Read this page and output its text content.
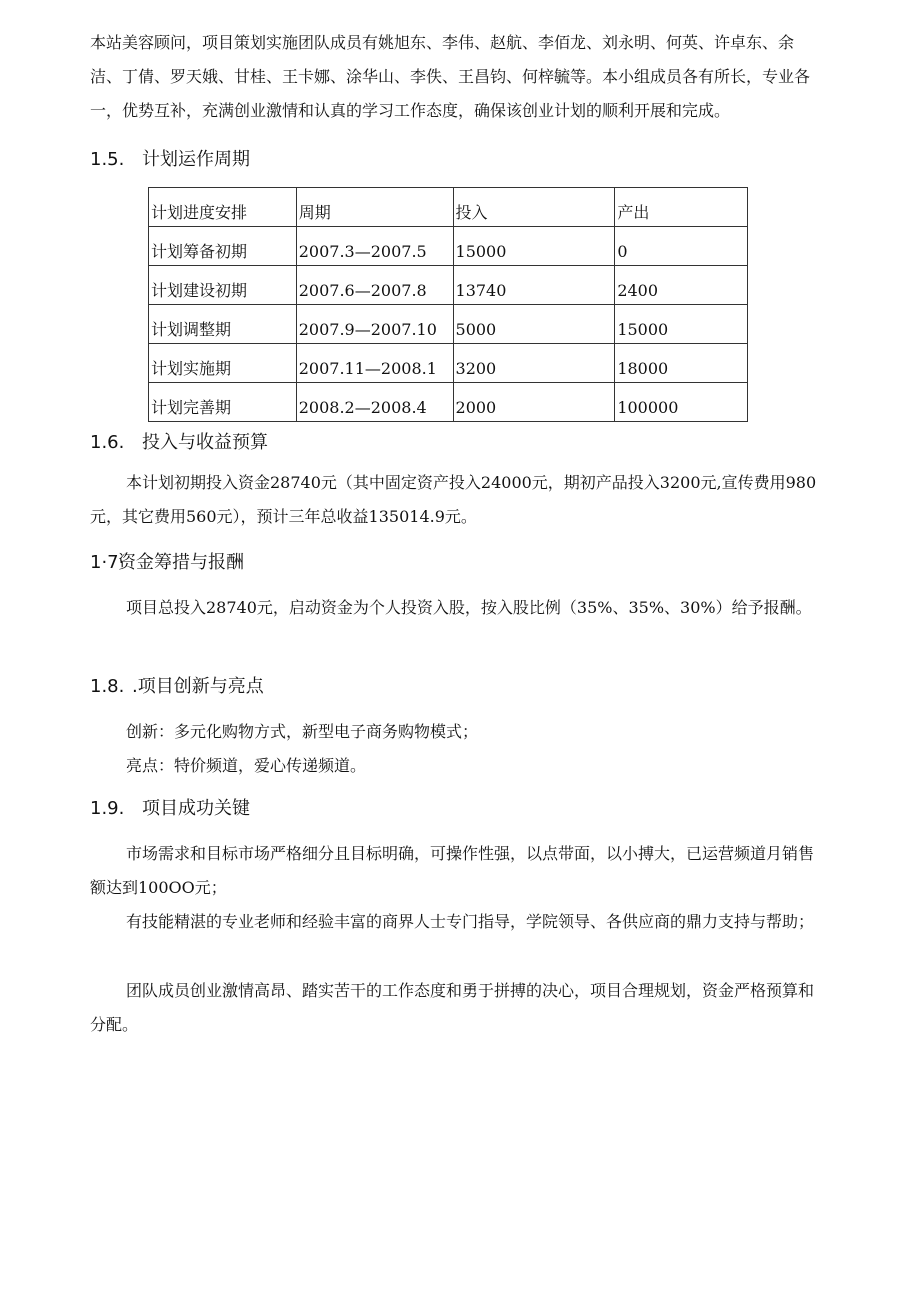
本站美容顾问，项目策划实施团队成员有姚旭东、李伟、赵航、李佰龙、刘永明、何英、许卓东、余洁、丁倩、罗天娥、甘桂、王卡娜、涂华山、李佚、王昌钧、何梓毓等。本小组成员各有所长，专业各一，优势互补，充满创业激情和认真的学习工作态度，确保该创业计划的顺利开展和完成。

1.5. 计划运作周期
计划进度安排	周期	投入	产出
计划筹备初期	2007.3—2007.5	15000	0
计划建设初期	2007.6—2007.8	13740	2400
计划调整期	2007.9—2007.10	5000	15000
计划实施期	2007.11—2008.1	3200	18000
计划完善期	2008.2—2008.4	2000	100000
1.6. 投入与收益预算

本计划初期投入资金28740元（其中固定资产投入24000元，期初产品投入3200元,宣传费用980元，其它费用560元），预计三年总收益135014.9元。

1·7·资金筹措与报酬

项目总投入28740元，启动资金为个人投资入股，按入股比例（35%、35%、30%）给予报酬。

1.8. .项目创新与亮点

创新：多元化购物方式，新型电子商务购物模式；

亮点：特价频道，爱心传递频道。

1.9. 项目成功关键

市场需求和目标市场严格细分且目标明确，可操作性强，以点带面，以小搏大，已运营频道月销售额达到100OO元；

有技能精湛的专业老师和经验丰富的商界人士专门指导，学院领导、各供应商的鼎力支持与帮助；

团队成员创业激情高昂、踏实苦干的工作态度和勇于拼搏的决心，项目合理规划，资金严格预算和分配。
